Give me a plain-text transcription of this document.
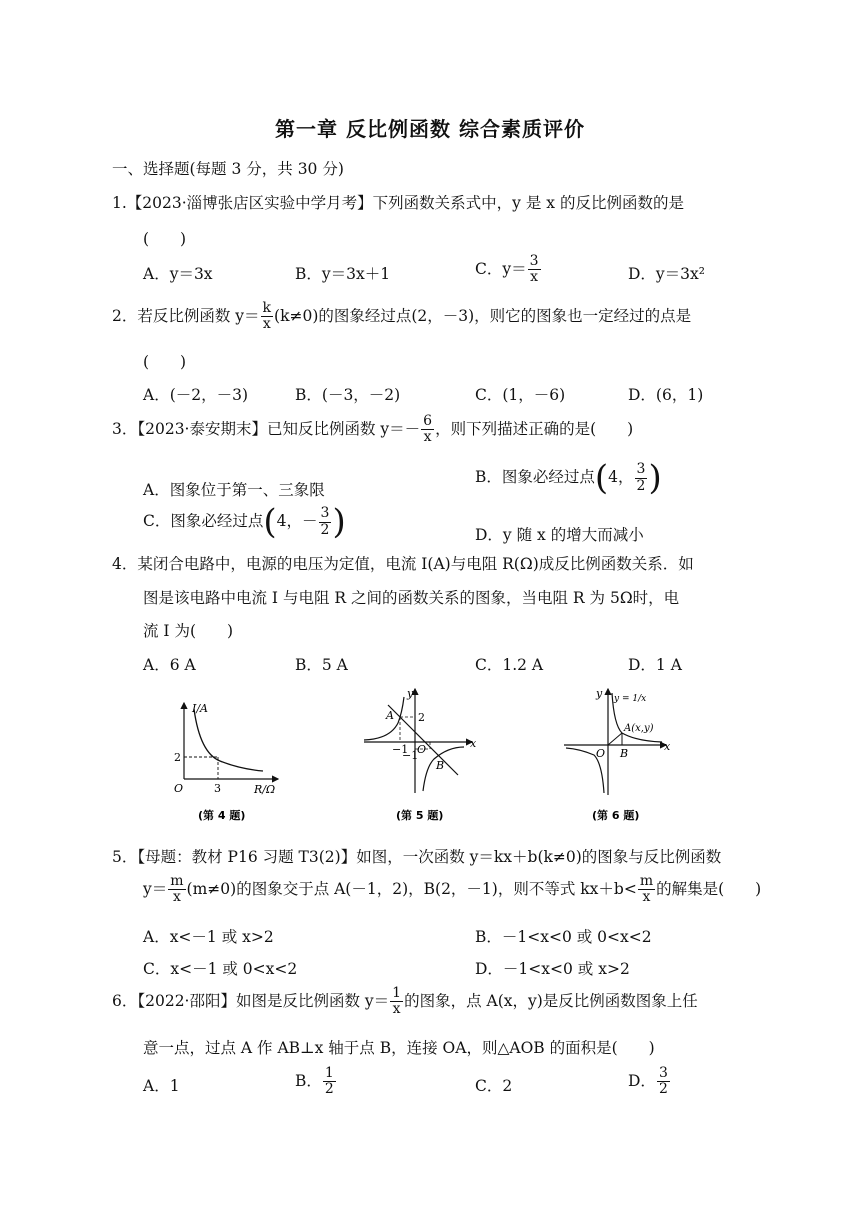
第一章 反比例函数 综合素质评价
一、选择题(每题 3 分，共 30 分)
1.【2023·淄博张店区实验中学月考】下列函数关系式中，y 是 x 的反比例函数的是
(　　)
A．y＝3x	B．y＝3x＋1	C．$y= \frac{3}{x}$	D．y＝3x²
2．若反比例函数 $y= \frac{k}{x} (k\ne 0)$的图象经过点(2，－3)，则它的图象也一定经过的点是
(　　)
A．(－2，－3)	B．(－3，－2)	C．(1，－6)	D．(6，1)
3．【2023·泰安期末】已知反比例函数 $y=- \frac{6}{x}$ ，则下列描述正确的是(　　)
A．图象位于第一、三象限
B．图象必经过点(4， $\frac{3}{2}$ )
C．图象必经过点(4，－ $\frac{3}{2}$ )	D．y 随 x 的增大而减小
4．某闭合电路中，电源的电压为定值，电流 I(A)与电阻 R(Ω)成反比例函数关系．如
图是该电路中电流 I 与电阻 R 之间的函数关系的图象，当电阻 R 为 5Ω时，电
流 I 为(　　)
A．6 A	B．5 A	C．1.2 A	D．1 A
I/A
R/Ω
O
2
3
(第 4 题)
y
x
A
B
O
2
−1
−1
(第 5 题)
y
x
y = 1/x
A(x,y)
B
O
(第 6 题)
5．【母题：教材 P16 习题 T3(2)】如图，一次函数 y＝kx＋b(k≠0)的图象与反比例函数
$y= \frac{m}{x} (m\ne 0)$的图象交于点 A(－1，2)，B(2，－1)，则不等式 $kx+b< \frac{m}{x}$ 的解集是(　　)
A．x<－1 或 x>2	B．－1<x<0 或 0<x<2
C．x<－1 或 0<x<2	D．－1<x<0 或 x>2
6．【2022·邵阳】如图是反比例函数 $y= \frac{1}{x}$ 的图象，点 A(x，y)是反比例函数图象上任
意一点，过点 A 作 AB⊥x 轴于点 B，连接 OA，则△AOB 的面积是(　　)
A．1	B． $\frac{1}{2}$	C．2	D． $\frac{3}{2}$
